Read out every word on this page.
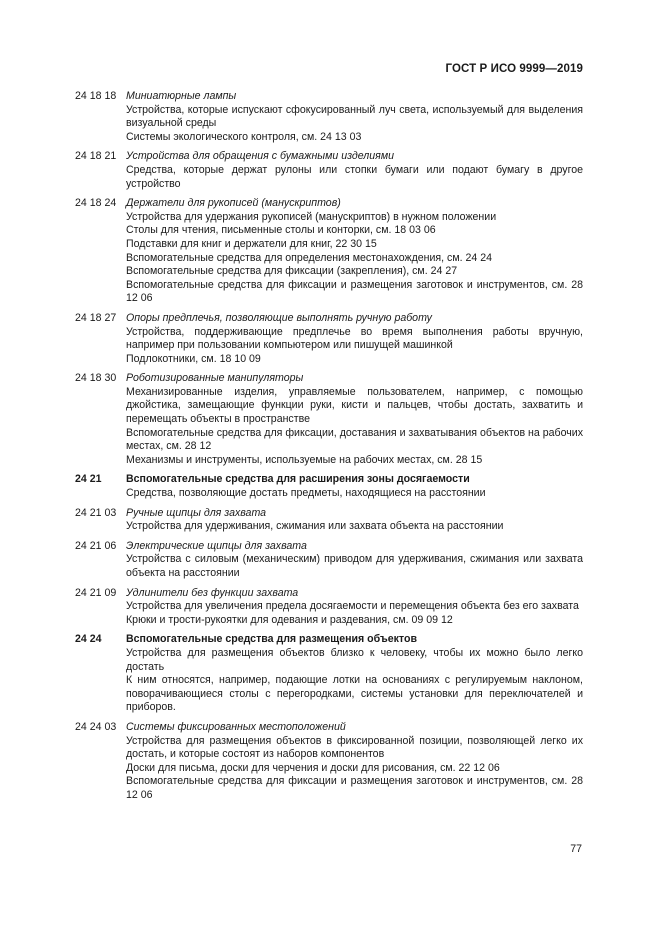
ГОСТ Р ИСО 9999—2019
24 18 18 Миниатюрные лампы
Устройства, которые испускают сфокусированный луч света, используемый для выделения визуальной среды
Системы экологического контроля, см. 24 13 03
24 18 21 Устройства для обращения с бумажными изделиями
Средства, которые держат рулоны или стопки бумаги или подают бумагу в другое устройство
24 18 24 Держатели для рукописей (манускриптов)
Устройства для удержания рукописей (манускриптов) в нужном положении
Столы для чтения, письменные столы и конторки, см. 18 03 06
Подставки для книг и держатели для книг, 22 30 15
Вспомогательные средства для определения местонахождения, см. 24 24
Вспомогательные средства для фиксации (закрепления), см. 24 27
Вспомогательные средства для фиксации и размещения заготовок и инструментов, см. 28 12 06
24 18 27 Опоры предплечья, позволяющие выполнять ручную работу
Устройства, поддерживающие предплечье во время выполнения работы вручную, например при пользовании компьютером или пишущей машинкой
Подлокотники, см. 18 10 09
24 18 30 Роботизированные манипуляторы
Механизированные изделия, управляемые пользователем, например, с помощью джойстика, замещающие функции руки, кисти и пальцев, чтобы достать, захватить и перемещать объекты в пространстве
Вспомогательные средства для фиксации, доставания и захватывания объектов на рабочих местах, см. 28 12
Механизмы и инструменты, используемые на рабочих местах, см. 28 15
24 21	Вспомогательные средства для расширения зоны досягаемости
Средства, позволяющие достать предметы, находящиеся на расстоянии
24 21 03 Ручные щипцы для захвата
Устройства для удерживания, сжимания или захвата объекта на расстоянии
24 21 06 Электрические щипцы для захвата
Устройства с силовым (механическим) приводом для удерживания, сжимания или захвата объекта на расстоянии
24 21 09 Удлинители без функции захвата
Устройства для увеличения предела досягаемости и перемещения объекта без его захвата
Крюки и трости-рукоятки для одевания и раздевания, см. 09 09 12
24 24	Вспомогательные средства для размещения объектов
Устройства для размещения объектов близко к человеку, чтобы их можно было легко достать
К ним относятся, например, подающие лотки на основаниях с регулируемым наклоном, поворачивающиеся столы с перегородками, системы установки для переключателей и приборов.
24 24 03 Системы фиксированных местоположений
Устройства для размещения объектов в фиксированной позиции, позволяющей легко их достать, и которые состоят из наборов компонентов
Доски для письма, доски для черчения и доски для рисования, см. 22 12 06
Вспомогательные средства для фиксации и размещения заготовок и инструментов, см. 28 12 06
77
